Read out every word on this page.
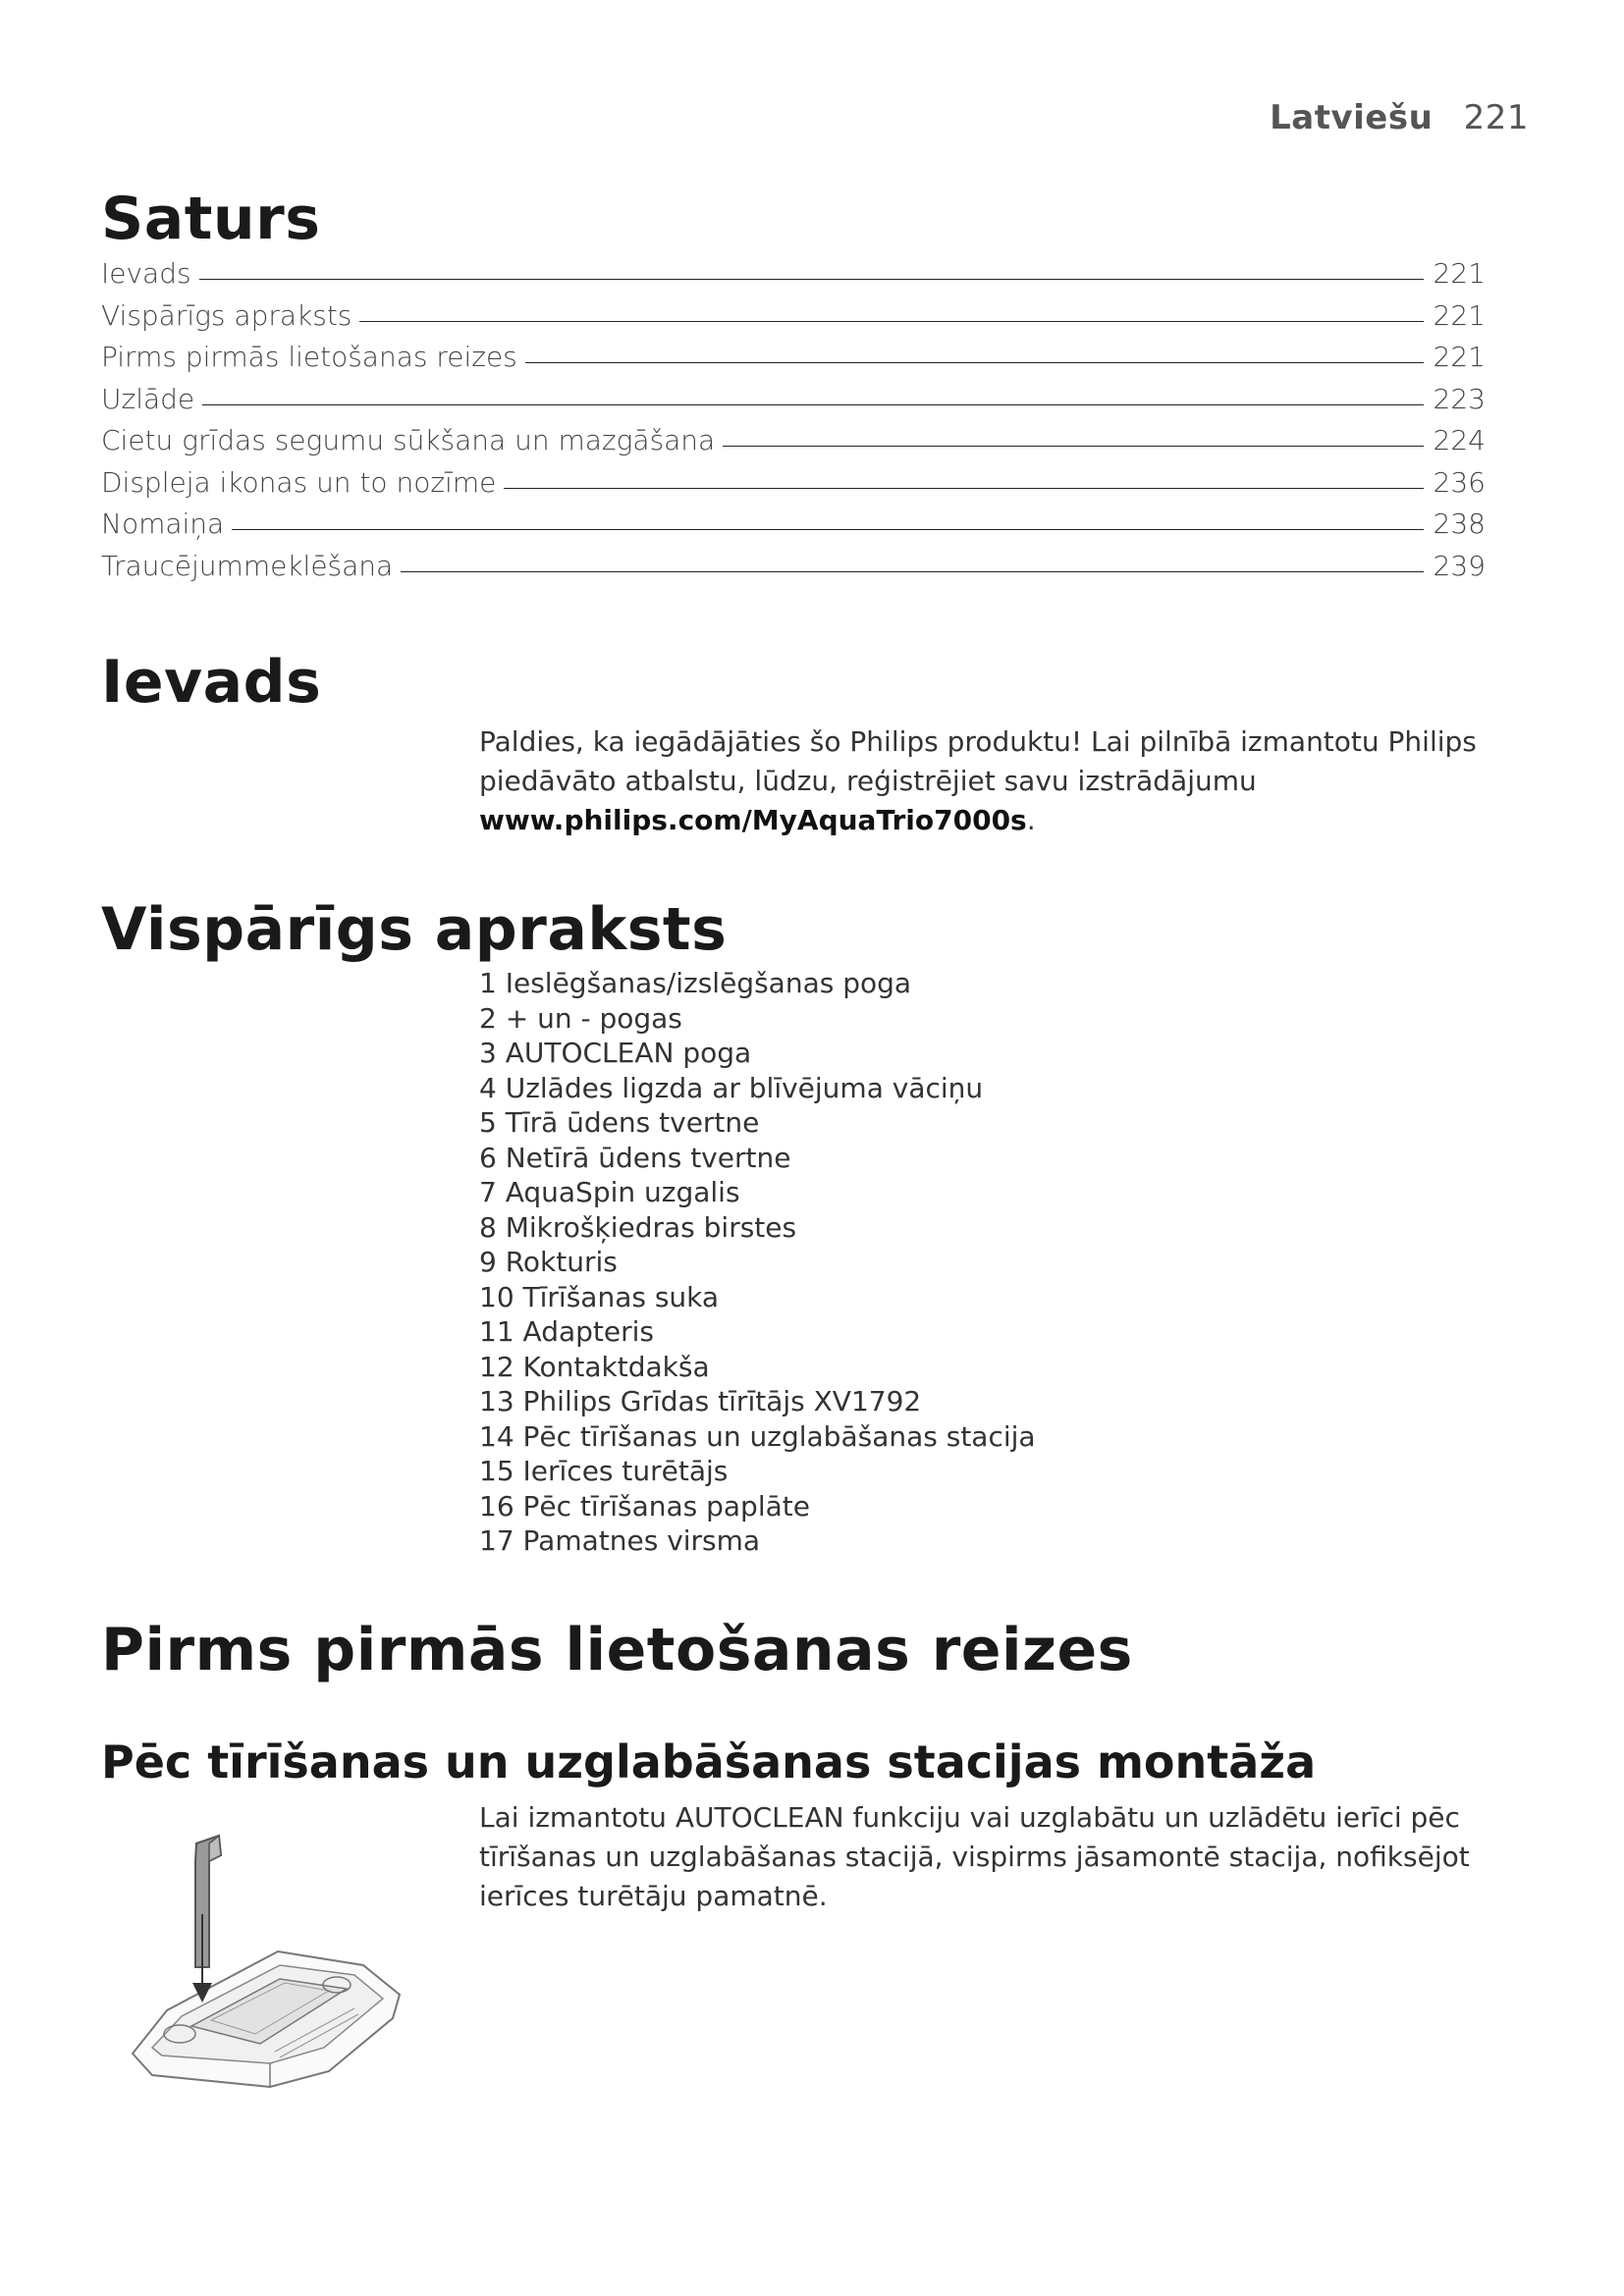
Latviešu 221
Saturs
Ievads	221
Vispārīgs apraksts	221
Pirms pirmās lietošanas reizes	221
Uzlāde	223
Cietu grīdas segumu sūkšana un mazgāšana	224
Displeja ikonas un to nozīme	236
Nomaiņa	238
Traucējummeklēšana	239
Ievads
Paldies, ka iegādājāties šo Philips produktu! Lai pilnībā izmantotu Philips piedāvāto atbalstu, lūdzu, reģistrējiet savu izstrādājumu www.philips.com/MyAquaTrio7000s.
Vispārīgs apraksts
1 Ieslēgšanas/izslēgšanas poga
2 + un - pogas
3 AUTOCLEAN poga
4 Uzlādes ligzda ar blīvējuma vāciņu
5 Tīrā ūdens tvertne
6 Netīrā ūdens tvertne
7 AquaSpin uzgalis
8 Mikrošķiedras birstes
9 Rokturis
10 Tīrīšanas suka
11 Adapteris
12 Kontaktdakša
13 Philips Grīdas tīrītājs XV1792
14 Pēc tīrīšanas un uzglabāšanas stacija
15 Ierīces turētājs
16 Pēc tīrīšanas paplāte
17 Pamatnes virsma
Pirms pirmās lietošanas reizes
Pēc tīrīšanas un uzglabāšanas stacijas montāža
Lai izmantotu AUTOCLEAN funkciju vai uzglabātu un uzlādētu ierīci pēc tīrīšanas un uzglabāšanas stacijā, vispirms jāsamontē stacija, nofiksējot ierīces turētāju pamatnē.
